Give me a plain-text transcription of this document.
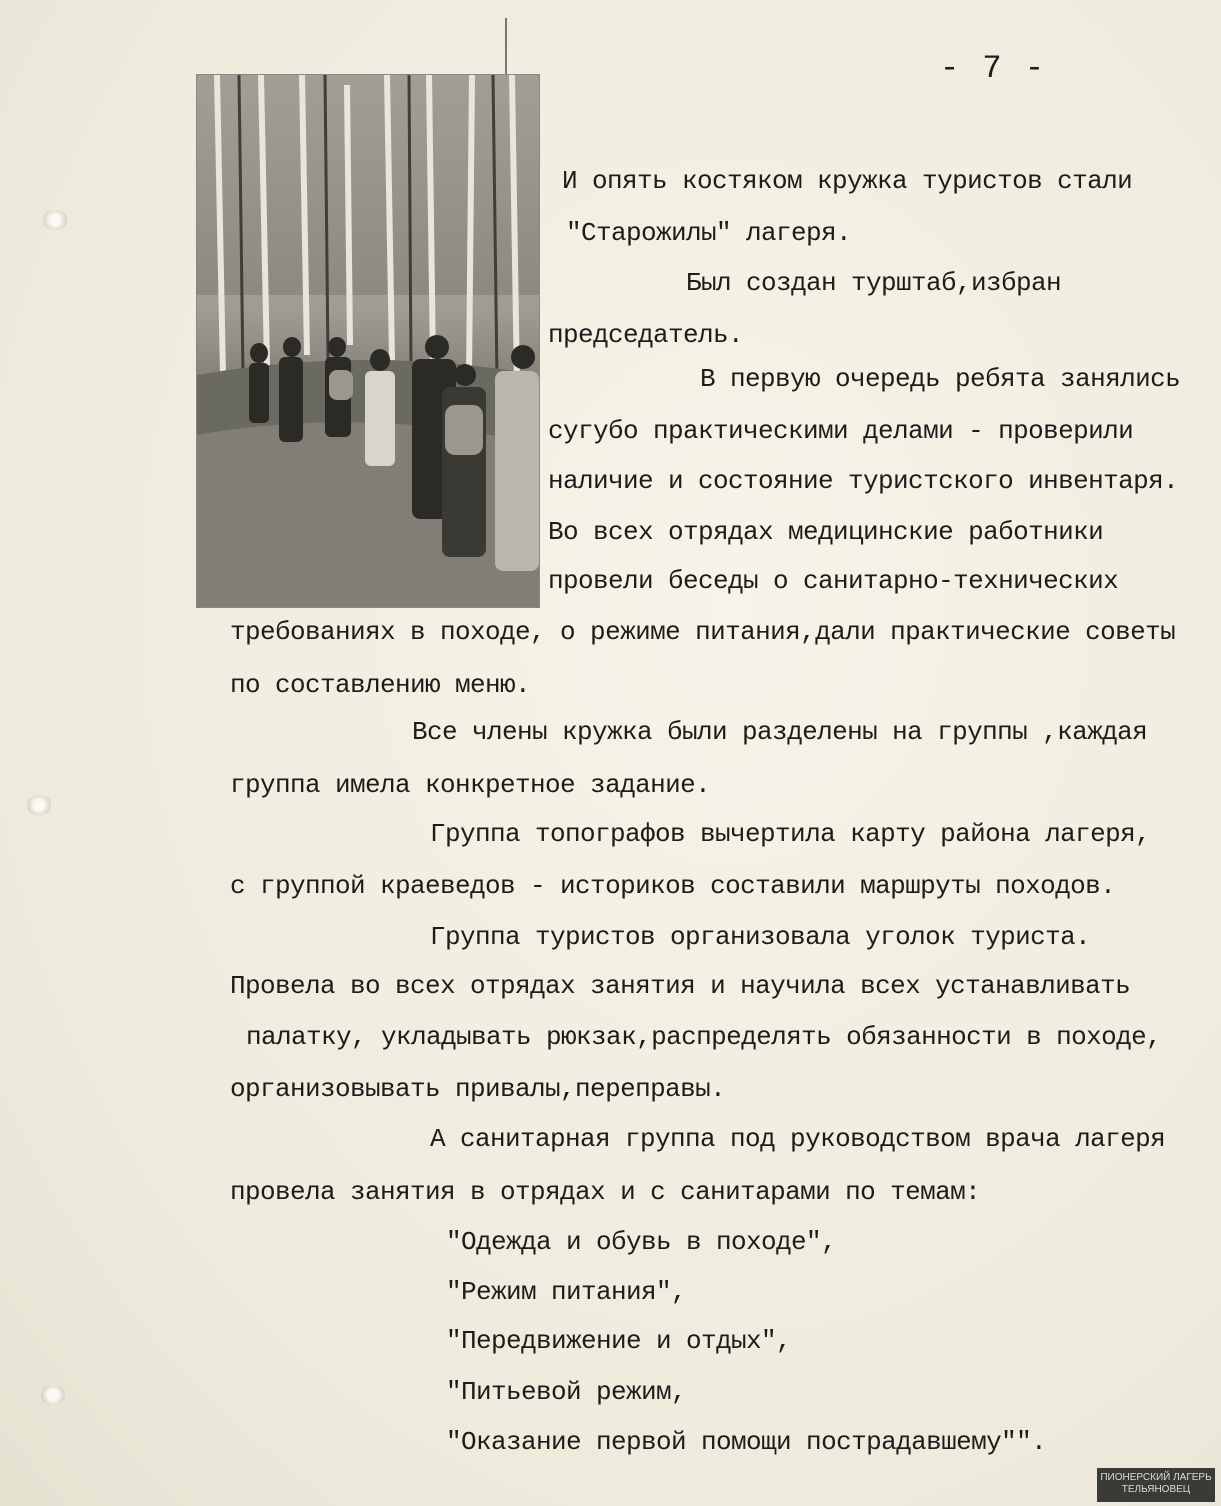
- 7 -
И опять костяком кружка туристов стали
"Старожилы" лагеря.
Был создан турштаб,избран
председатель.
В первую очередь ребята занялись
сугубо практическими делами - проверили
наличие и состояние туристского инвентаря.
Во всех отрядах медицинские работники
провели беседы о санитарно-технических
требованиях в походе, о режиме питания,дали практические советы
по составлению меню.
Все члены кружка были разделены на группы ,каждая
группа имела конкретное задание.
Группа топографов вычертила карту района лагеря,
с группой краеведов - историков составили маршруты походов.
Группа туристов организовала уголок туриста.
Провела во всех отрядах занятия и научила всех устанавливать
палатку, укладывать рюкзак,распределять обязанности в походе,
организовывать привалы,переправы.
А санитарная группа под руководством врача лагеря
провела занятия в отрядах и с санитарами по темам:
"Одежда и обувь в походе",
"Режим питания",
"Передвижение и отдых",
"Питьевой режим,
"Оказание первой помощи пострадавшему"".
ПИОНЕРСКИЙ ЛАГЕРЬ
ТЕЛЬЯНОВЕЦ
